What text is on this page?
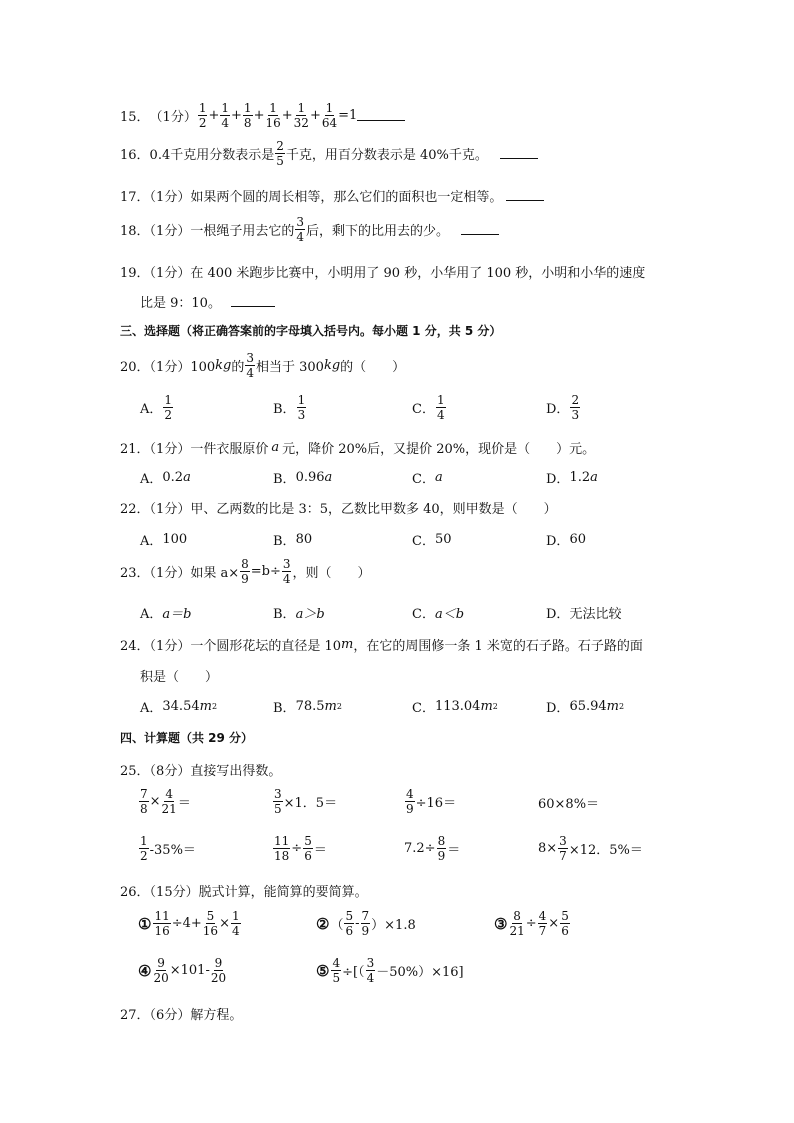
15． （1分）
1
$2 + \frac{1}{4} + \frac{1}{8} + \frac{1}{16} + \frac{1}{32} + \frac{1}{64} =1$
16．0.4千克用分数表示是
2
5 千克，用百分数表示是 40%千克。
17．（1分）如果两个圆的周长相等，那么它们的面积也一定相等。
18．（1分）一根绳子用去它的
3
4 后，剩下的比用去的少。
19．（1分）在 400 米跑步比赛中，小明用了 90 秒，小华用了 100 秒，小明和小华的速度
比是 9：10。
三、选择题（将正确答案前的字母填入括号内。每小题 1 分，共 5 分）
20．（1分）100 kg 的
3
4 相当于 300 kg 的（　　）
A．
1
2	B．
1
3	C．
1
4	D．
2
3
21．（1分）一件衣服原价 a 元，降价 20%后，又提价 20%，现价是（　　）元。
A． 0.2 a	B． 0.96 a	C． a	D． 1.2 a
22．（1分）甲、乙两数的比是 3：5，乙数比甲数多 40，则甲数是（　　）
A． 100	B． 80	C． 50	D． 60
23．（1分）如果 $a\times \frac{8}{9} =b\div \frac{3}{4}$ ，则（　　）
A． a＝b	B． a＞b	C． a＜b	D． 无法比较
24．（1分）一个圆形花坛的直径是 10 m ，在它的周围修一条 1 米宽的石子路。石子路的面
积是（　　）
A． 34.54 m 2	B． 78.5 m 2	C． 113.04 m 2	D． 65.94 m 2
四、计算题（共 29 分）
25．（8分）直接写出得数。
$\frac{7}{8} \times \frac{4}{21}$ ＝	$\frac{3}{5} \times 1$．5＝	$\frac{4}{9} \div 16=$	60×8%＝
1
2 -35%＝	$\frac{11}{18} \div \frac{5}{6}$ ＝	$7.2\div \frac{8}{9}$ ＝	$8\times \frac{3}{7} \times 12$．5%＝
26．（15分）脱式计算，能简算的要简算。
① $\frac{11}{16} \div 4+ \frac{5}{16} \times \frac{1}{4}$	② （
5
6 - 7
9 ）×1.8	③ $\frac{8}{21} \div \frac{4}{7} \times \frac{5}{6}$
④ $\frac{9}{20} \times 101-$ 9
20	⑤ $\frac{4}{5}$ ÷[（
3
4 －50%）×16]
27．（6分）解方程。
